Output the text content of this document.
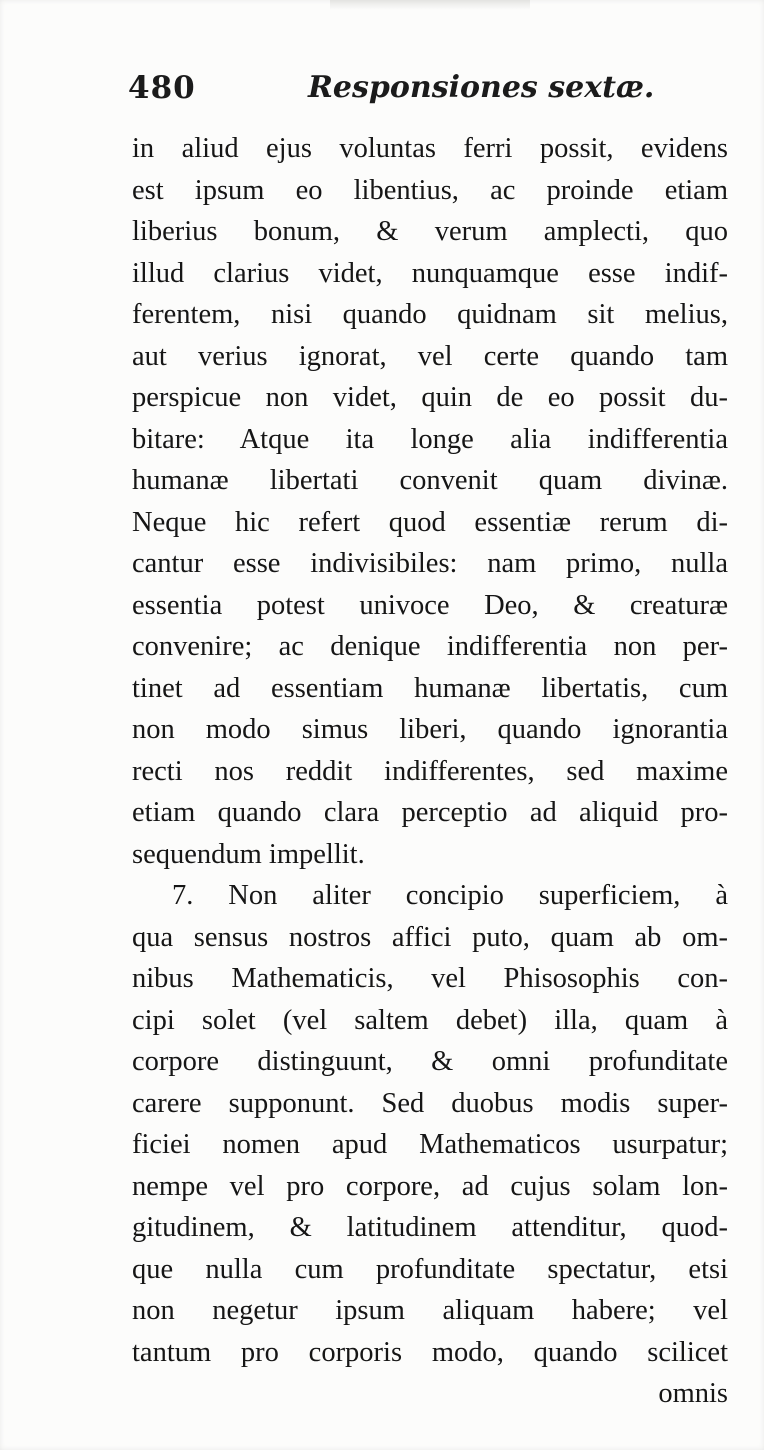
480	Responsiones sextæ.
in aliud ejus voluntas ferri possit, evidens
est ipsum eo libentius, ac proinde etiam
liberius bonum, & verum amplecti, quo
illud clarius videt, nunquamque esse indif-
ferentem, nisi quando quidnam sit melius,
aut verius ignorat, vel certe quando tam
perspicue non videt, quin de eo possit du-
bitare: Atque ita longe alia indifferentia
humanæ libertati convenit quam divinæ.
Neque hic refert quod essentiæ rerum di-
cantur esse indivisibiles: nam primo, nulla
essentia potest univoce Deo, & creaturæ
convenire; ac denique indifferentia non per-
tinet ad essentiam humanæ libertatis, cum
non modo simus liberi, quando ignorantia
recti nos reddit indifferentes, sed maxime
etiam quando clara perceptio ad aliquid pro-
sequendum impellit.
7. Non aliter concipio superficiem, à
qua sensus nostros affici puto, quam ab om-
nibus Mathematicis, vel Phisosophis con-
cipi solet (vel saltem debet) illa, quam à
corpore distinguunt, & omni profunditate
carere supponunt. Sed duobus modis super-
ficiei nomen apud Mathematicos usurpatur;
nempe vel pro corpore, ad cujus solam lon-
gitudinem, & latitudinem attenditur, quod-
que nulla cum profunditate spectatur, etsi
non negetur ipsum aliquam habere; vel
tantum pro corporis modo, quando scilicet
omnis
